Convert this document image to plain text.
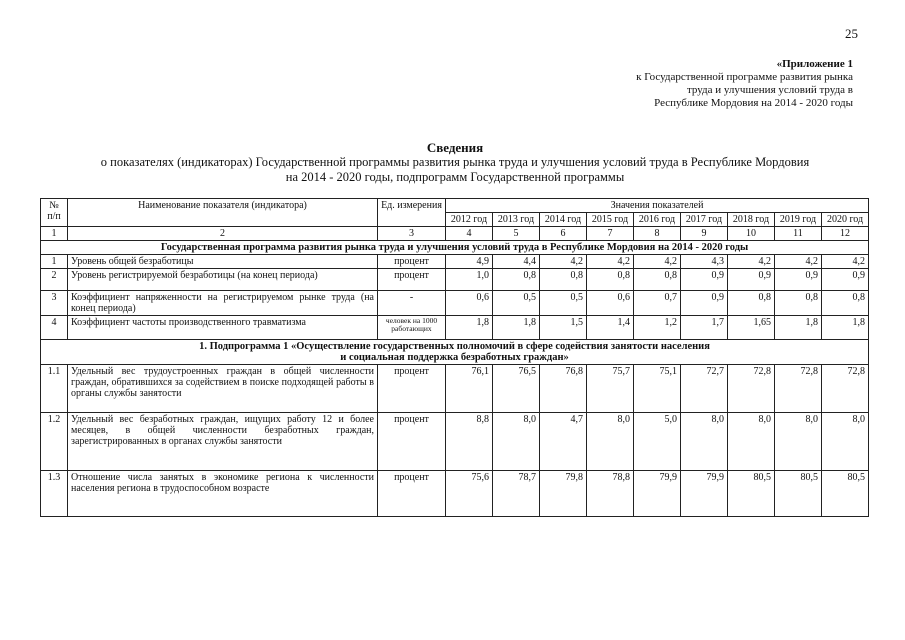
25
«Приложение 1
к Государственной программе развития рынка
труда и улучшения условий труда в
Республике Мордовия на 2014 - 2020 годы
Сведения
о показателях (индикаторах) Государственной программы развития рынка труда и улучшения условий труда в Республике Мордовия
на 2014 - 2020 годы, подпрограмм Государственной программы
№ п/п	Наименование показателя (индикатора)	Ед. измерения	Значения показателей								
			2012 год	2013 год	2014 год	2015 год	2016 год	2017 год	2018 год	2019 год	2020 год
1	2	3	4	5	6	7	8	9	10	11	12

Государственная программа развития рынка труда и улучшения условий труда в Республике Мордовия на 2014 - 2020 годы											

1	Уровень общей безработицы	процент	4,9	4,4	4,2	4,2	4,2	4,3	4,2	4,2	4,2
2	Уровень регистрируемой безработицы (на конец периода)	процент	1,0	0,8	0,8	0,8	0,8	0,9	0,9	0,9	0,9
3	Коэффициент напряженности на регистрируемом рынке труда (на конец периода)	-	0,6	0,5	0,5	0,6	0,7	0,9	0,8	0,8	0,8
4	Коэффициент частоты производственного травматизма	человек на 1000 работающих	1,8	1,8	1,5	1,4	1,2	1,7	1,65	1,8	1,8

1. Подпрограмма 1 «Осуществление государственных полномочий в сфере содействия занятости населения
и социальная поддержка безработных граждан»											

1.1	Удельный вес трудоустроенных граждан в общей численности граждан, обратившихся за содействием в поиске подходящей работы в органы службы занятости	процент	76,1	76,5	76,8	75,7	75,1	72,7	72,8	72,8	72,8
1.2	Удельный вес безработных граждан, ищущих работу 12 и более месяцев, в общей численности безработных граждан, зарегистрированных в органах службы занятости	процент	8,8	8,0	4,7	8,0	5,0	8,0	8,0	8,0	8,0
1.3	Отношение числа занятых в экономике региона к численности населения региона в трудоспособном возрасте	процент	75,6	78,7	79,8	78,8	79,9	79,9	80,5	80,5	80,5
